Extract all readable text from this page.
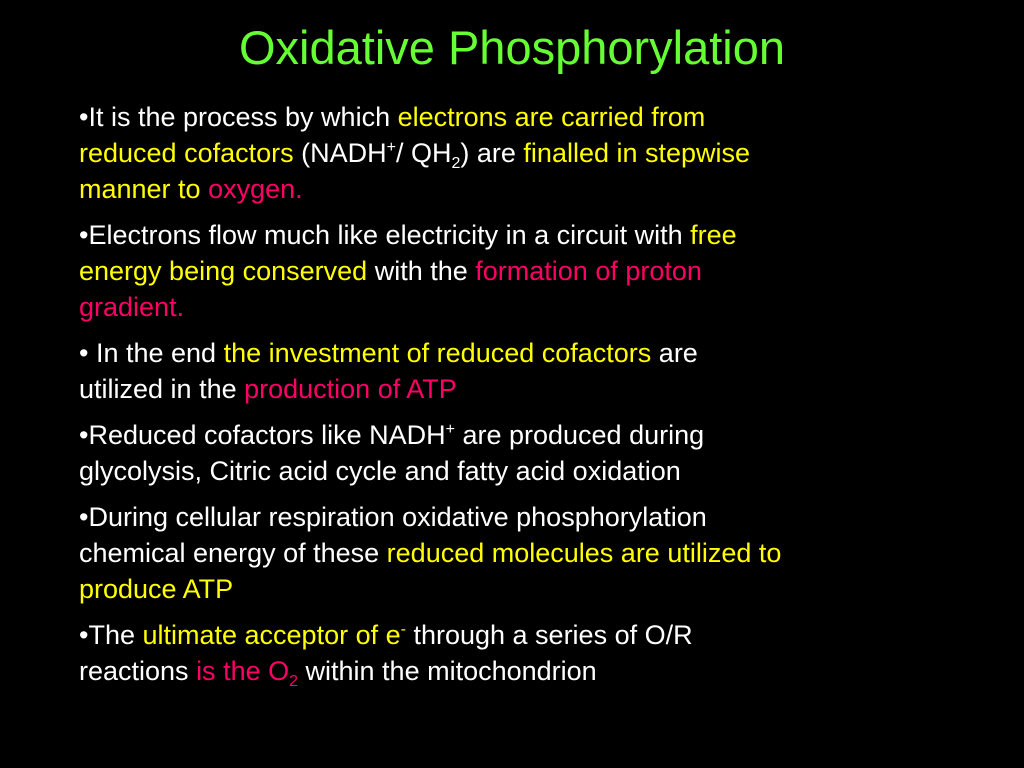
Oxidative Phosphorylation
•It is the process by which electrons are carried from
reduced cofactors (NADH+/ $QH_2$) are finalled in stepwise
manner to oxygen.
•Electrons flow much like electricity in a circuit with free
energy being conserved with the formation of proton
gradient.
• In the end the investment of reduced cofactors are
utilized in the production of ATP
•Reduced cofactors like NADH+ are produced during
glycolysis, Citric acid cycle and fatty acid oxidation
•During cellular respiration oxidative phosphorylation
chemical energy of these reduced molecules are utilized to
produce ATP
•The ultimate acceptor of e- through a series of O/R
reactions is the $O_2$ within the mitochondrion
